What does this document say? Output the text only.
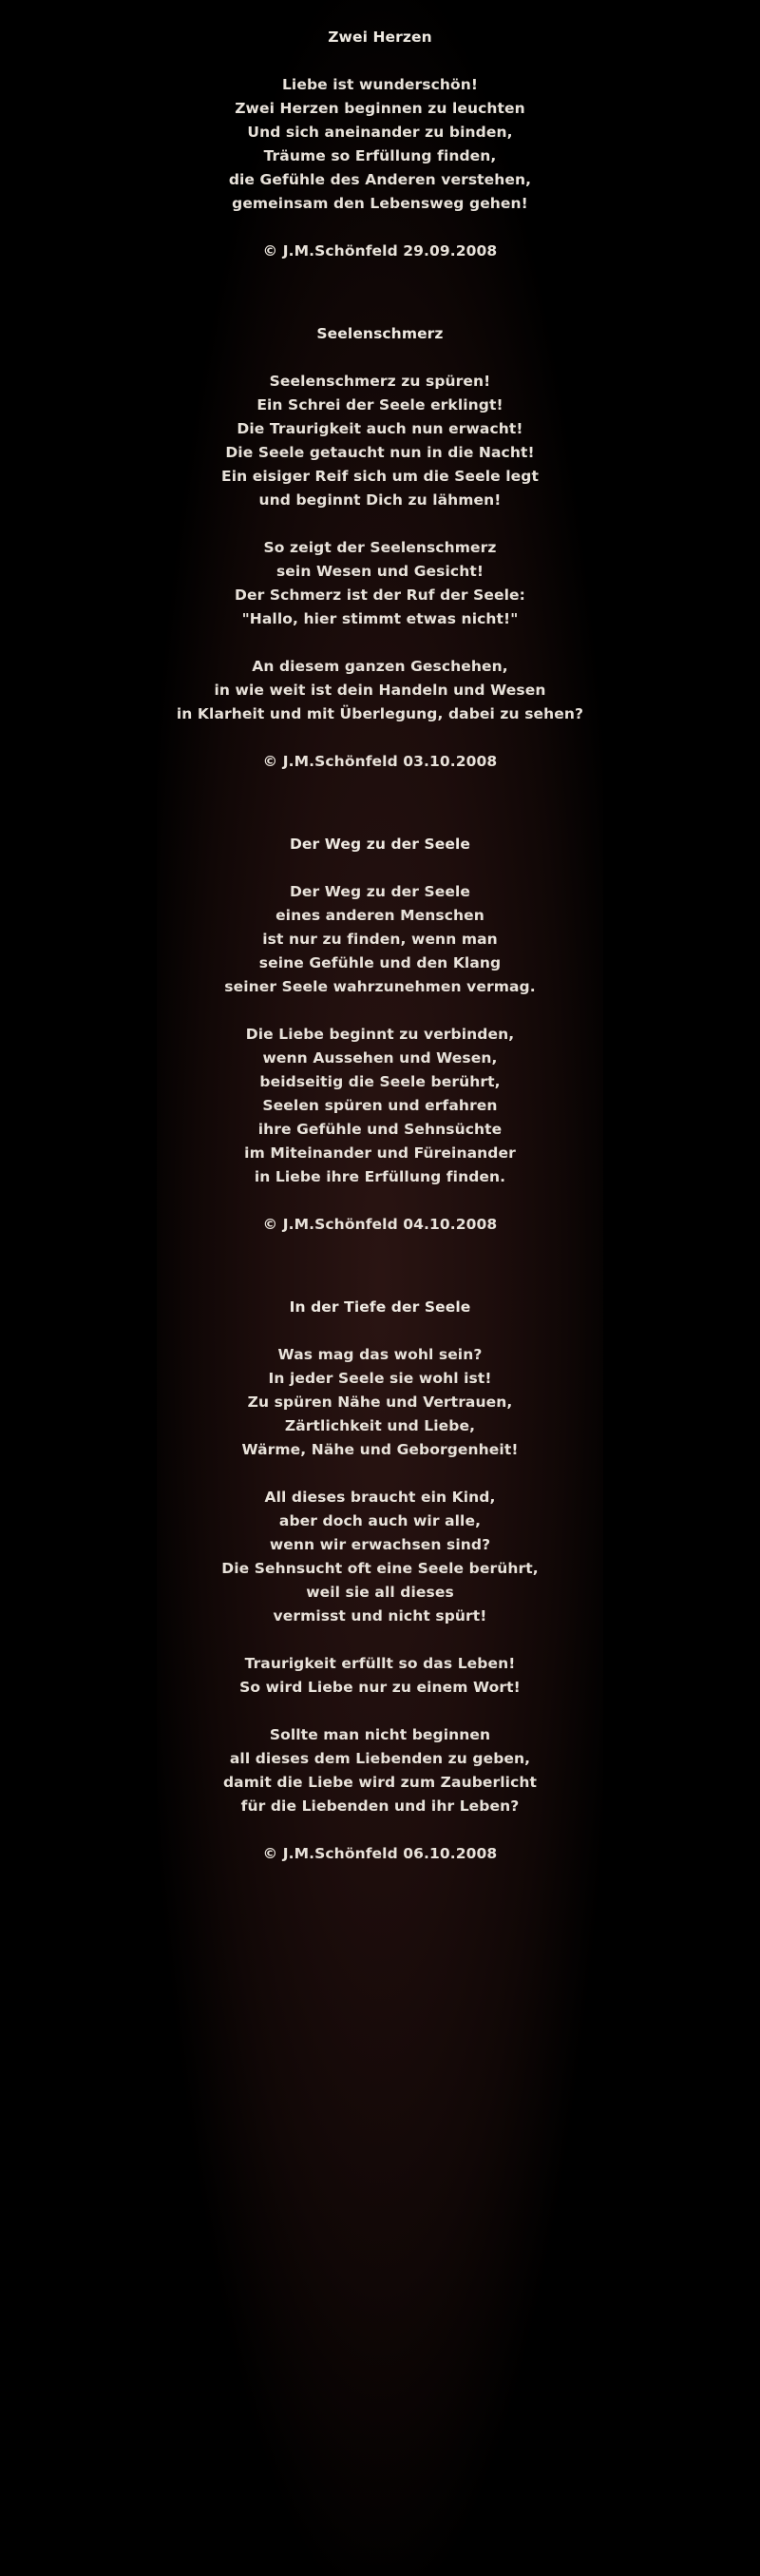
Zwei Herzen
Liebe ist wunderschön!
Zwei Herzen beginnen zu leuchten
Und sich aneinander zu binden,
Träume so Erfüllung finden,
die Gefühle des Anderen verstehen,
gemeinsam den Lebensweg gehen!
© J.M.Schönfeld 29.09.2008
Seelenschmerz
Seelenschmerz zu spüren!
Ein Schrei der Seele erklingt!
Die Traurigkeit auch nun erwacht!
Die Seele getaucht nun in die Nacht!
Ein eisiger Reif sich um die Seele legt
und beginnt Dich zu lähmen!
So zeigt der Seelenschmerz
sein Wesen und Gesicht!
Der Schmerz ist der Ruf der Seele:
"Hallo, hier stimmt etwas nicht!"
An diesem ganzen Geschehen,
in wie weit ist dein Handeln und Wesen
in Klarheit und mit Überlegung, dabei zu sehen?
© J.M.Schönfeld 03.10.2008
Der Weg zu der Seele
Der Weg zu der Seele
eines anderen Menschen
ist nur zu finden, wenn man
seine Gefühle und den Klang
seiner Seele wahrzunehmen vermag.
Die Liebe beginnt zu verbinden,
wenn Aussehen und Wesen,
beidseitig die Seele berührt,
Seelen spüren und erfahren
ihre Gefühle und Sehnsüchte
im Miteinander und Füreinander
in Liebe ihre Erfüllung finden.
© J.M.Schönfeld 04.10.2008
In der Tiefe der Seele
Was mag das wohl sein?
In jeder Seele sie wohl ist!
Zu spüren Nähe und Vertrauen,
Zärtlichkeit und Liebe,
Wärme, Nähe und Geborgenheit!
All dieses braucht ein Kind,
aber doch auch wir alle,
wenn wir erwachsen sind?
Die Sehnsucht oft eine Seele berührt,
weil sie all dieses
vermisst und nicht spürt!
Traurigkeit erfüllt so das Leben!
So wird Liebe nur zu einem Wort!
Sollte man nicht beginnen
all dieses dem Liebenden zu geben,
damit die Liebe wird zum Zauberlicht
für die Liebenden und ihr Leben?
© J.M.Schönfeld 06.10.2008
